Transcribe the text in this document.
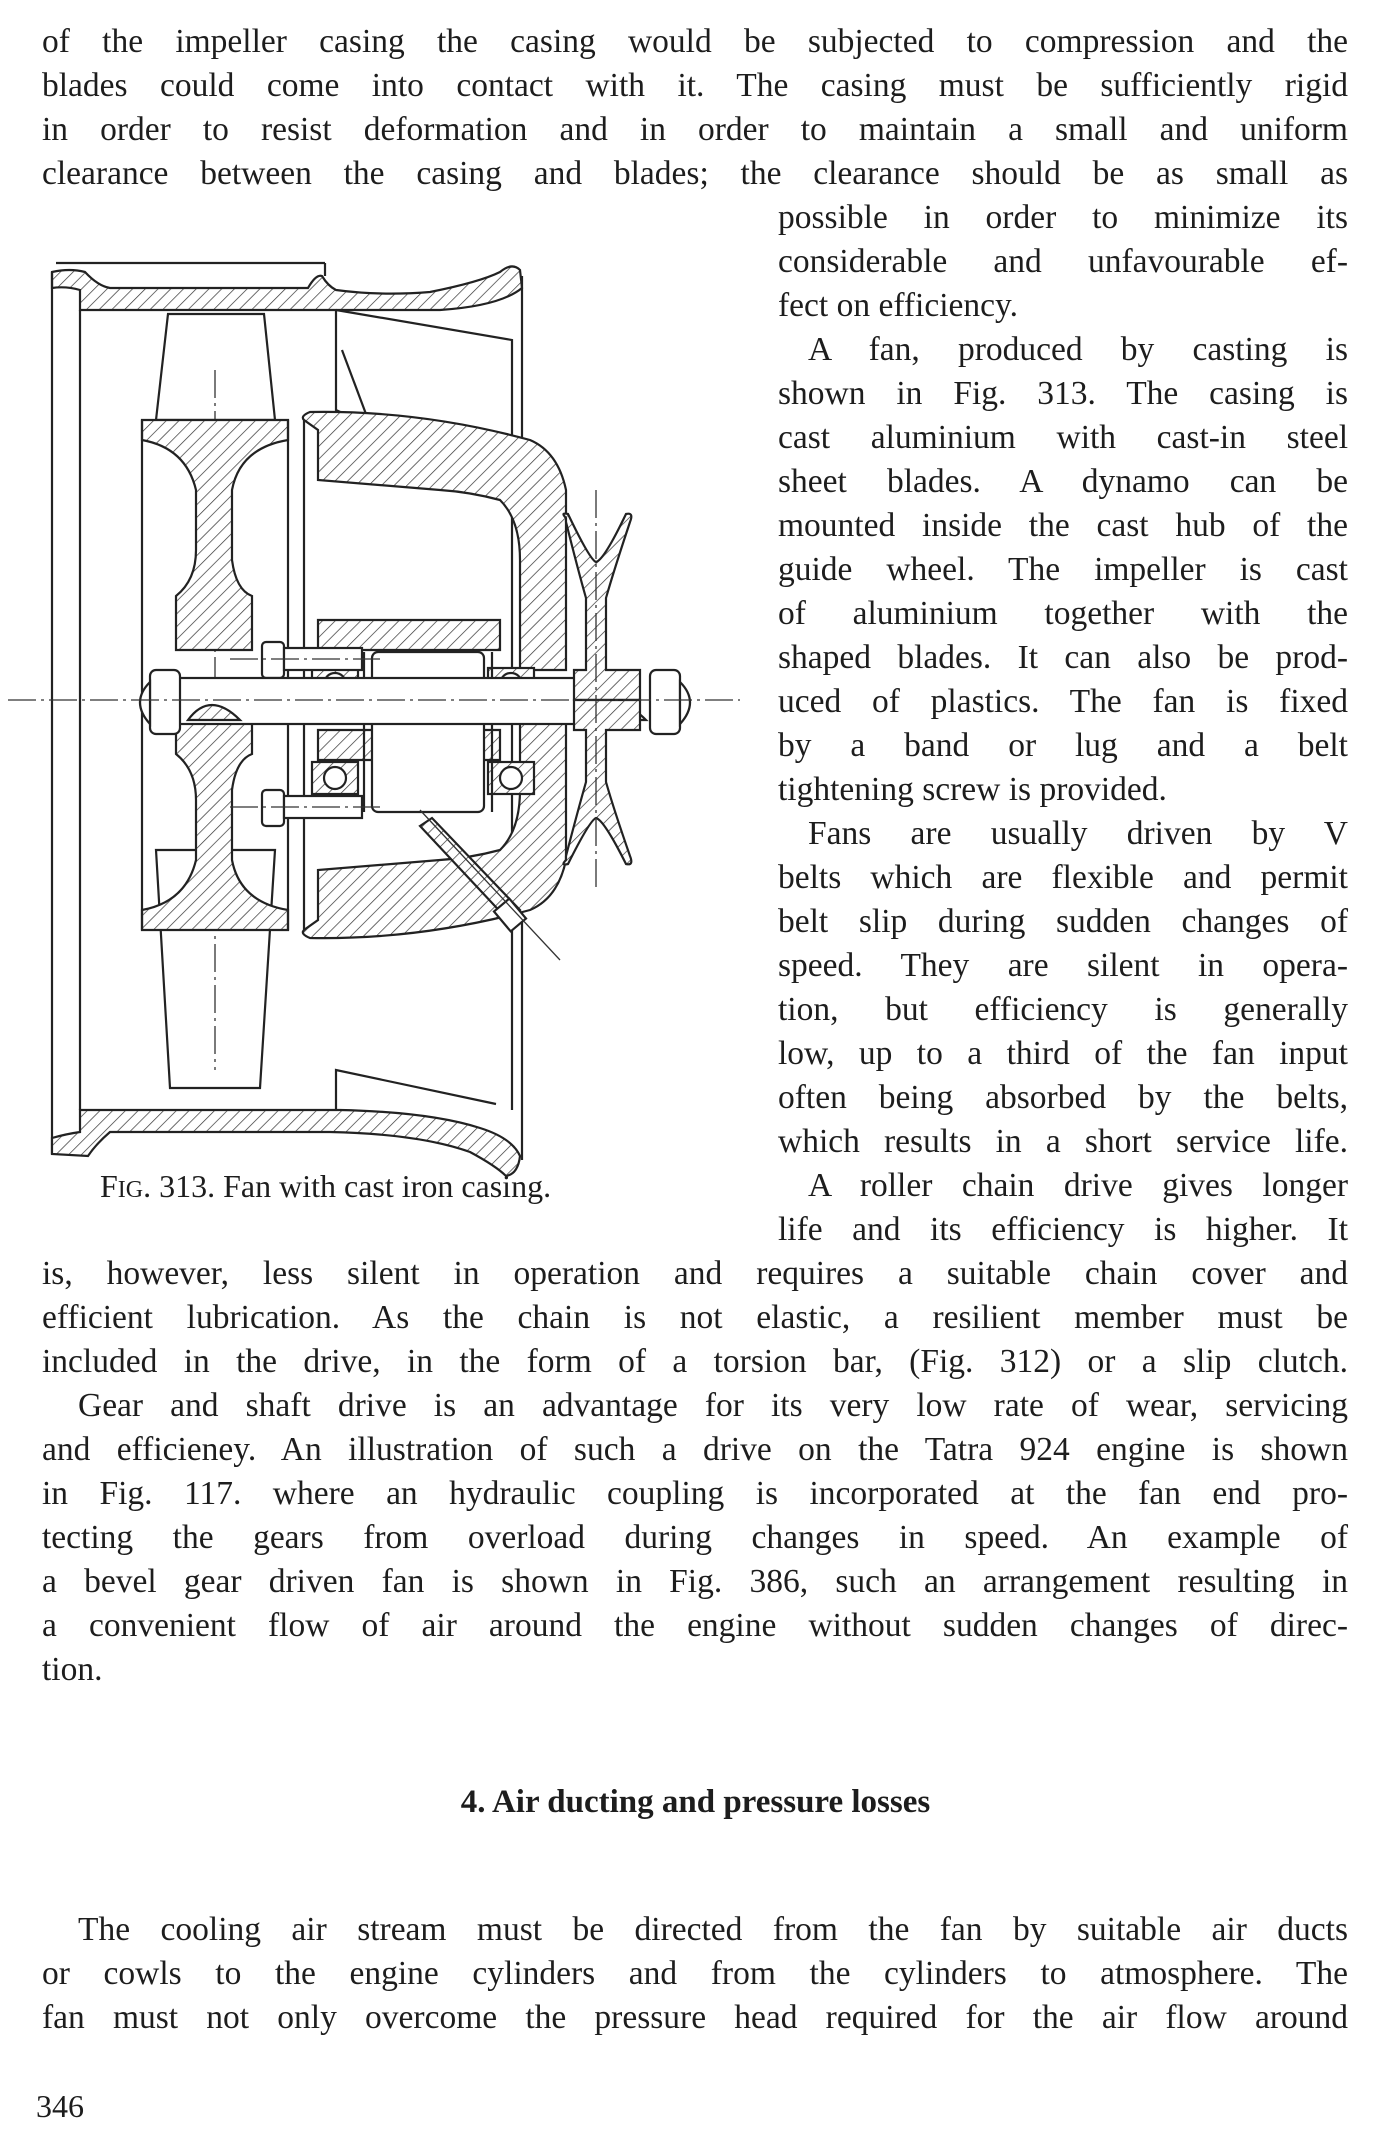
of the impeller casing the casing would be subjected to compression and the
blades could come into contact with it. The casing must be sufficiently rigid
in order to resist deformation and in order to maintain a small and uniform
clearance between the casing and blades; the clearance should be as small as
possible in order to minimize its
considerable and unfavourable ef-
fect on efficiency.
A fan, produced by casting is
shown in Fig. 313. The casing is
cast aluminium with cast-in steel
sheet blades. A dynamo can be
mounted inside the cast hub of the
guide wheel. The impeller is cast
of aluminium together with the
shaped blades. It can also be prod-
uced of plastics. The fan is fixed
by a band or lug and a belt
tightening screw is provided.
Fans are usually driven by V
belts which are flexible and permit
belt slip during sudden changes of
speed. They are silent in opera-
tion, but efficiency is generally
low, up to a third of the fan input
often being absorbed by the belts,
which results in a short service life.
A roller chain drive gives longer
life and its efficiency is higher. It
is, however, less silent in operation and requires a suitable chain cover and
efficient lubrication. As the chain is not elastic, a resilient member must be
included in the drive, in the form of a torsion bar, (Fig. 312) or a slip clutch.
Gear and shaft drive is an advantage for its very low rate of wear, servicing
and efficieney. An illustration of such a drive on the Tatra 924 engine is shown
in Fig. 117. where an hydraulic coupling is incorporated at the fan end pro-
tecting the gears from overload during changes in speed. An example of
a bevel gear driven fan is shown in Fig. 386, such an arrangement resulting in
a convenient flow of air around the engine without sudden changes of direc-
tion.
4. Air ducting and pressure losses
The cooling air stream must be directed from the fan by suitable air ducts
or cowls to the engine cylinders and from the cylinders to atmosphere. The
fan must not only overcome the pressure head required for the air flow around
346
FIG. 313. Fan with cast iron casing.
